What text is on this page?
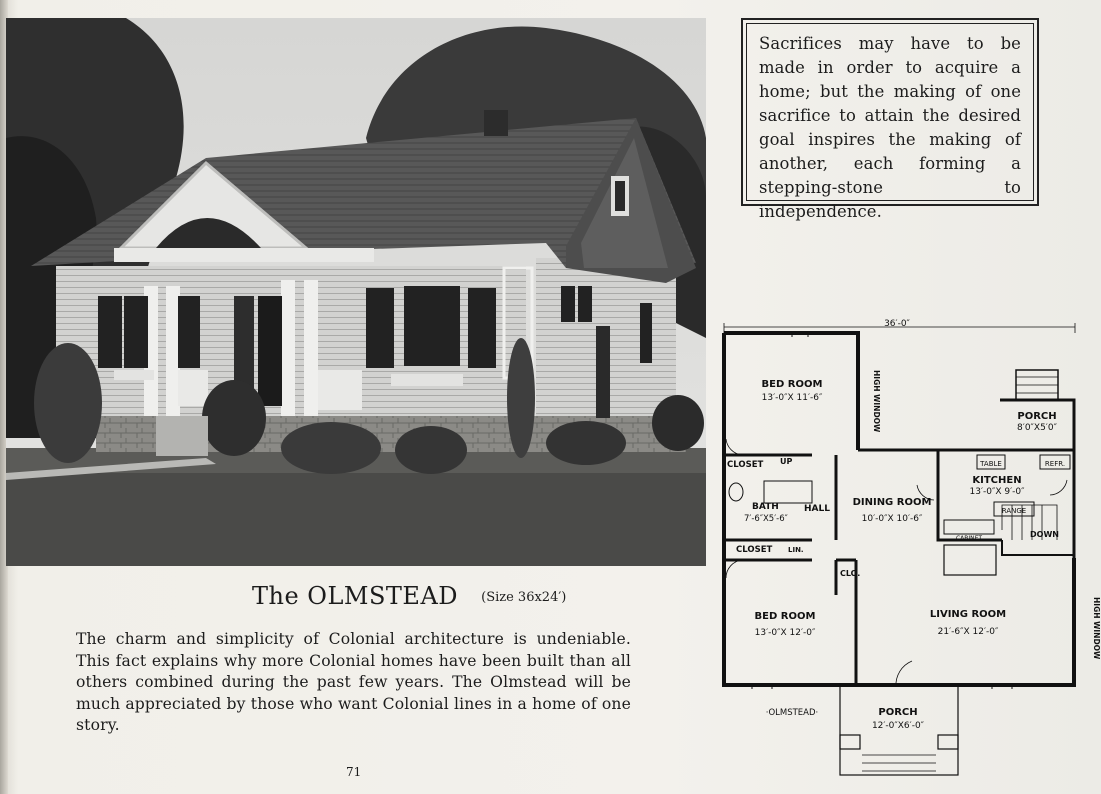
Sacrifices may have to be made in order to acquire a home; but the making of one sacrifice to attain the desired goal inspires the making of another, each forming a stepping-stone to independence.
The OLMSTEAD (Size 36x24′)
The charm and simplicity of Colonial architecture is undeniable. This fact explains why more Colonial homes have been built than all others combined during the past few years. The Olmstead will be much appreciated by those who want Colonial lines in a home of one story.
71
36′-0″
BED ROOM
13′-0″X 11′-6″
PORCH
8′0″X5′0″
CLOSET UP
KITCHEN
13′-0″X 9′-0″
TABLE	REFR.
RANGE
CABINET	DOWN
BATH
7′-6″X5′-6″
HALL
DINING ROOM
10′-0″X 10′-6″
CLOSET LIN.
CLO.
BED ROOM
13′-0″X 12′-0″
LIVING ROOM
21′-6″X 12′-0″
PORCH
12′-0″X6′-0″
·OLMSTEAD·
HIGH WINDOW
HIGH WINDOW
